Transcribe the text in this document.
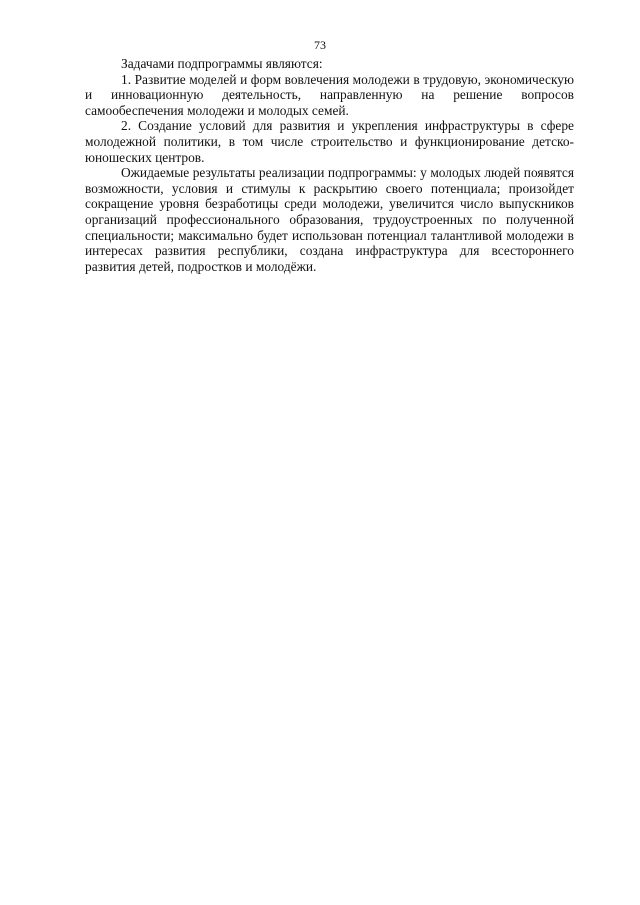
73

Задачами подпрограммы являются:

1. Развитие моделей и форм вовлечения молодежи в трудовую, экономическую и инновационную деятельность, направленную на решение вопросов самообеспечения молодежи и молодых семей.

2. Создание условий для развития и укрепления инфраструктуры в сфере молодежной политики, в том числе строительство и функционирование детско-юношеских центров.

Ожидаемые результаты реализации подпрограммы: у молодых людей появятся возможности, условия и стимулы к раскрытию своего потенциала; произойдет сокращение уровня безработицы среди молодежи, увеличится число выпускников организаций профессионального образования, трудоустроенных по полученной специальности; максимально будет использован потенциал талантливой молодежи в интересах развития республики, создана инфраструктура для всестороннего развития детей, подростков и молодёжи.
